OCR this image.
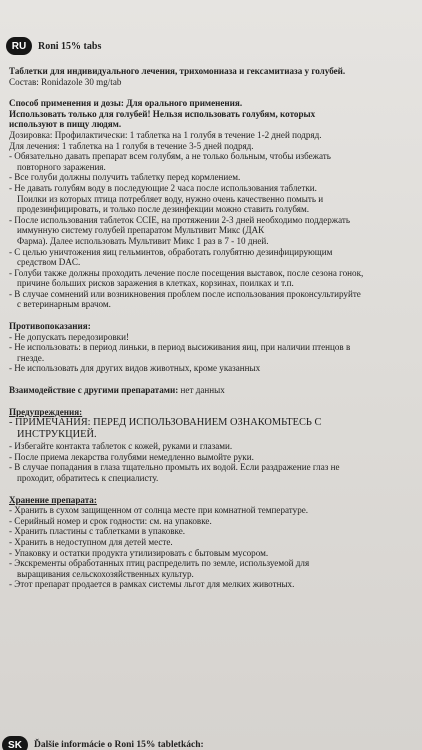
RU	Roni 15% tabs
Таблетки для индивидуального лечения, трихомониаза и гексамитиаза у голубей.
Состав: Ronidazole 30 mg/tab
Способ применения и дозы: Для орального применения.
Использовать только для голубей! Нельзя использовать голубям, которых
используют в пищу людям.
Дозировка: Профилактически: 1 таблетка на 1 голубя в течение 1-2 дней подряд.
Для лечения: 1 таблетка на 1 голубя в течение 3-5 дней подряд.
- Обязательно давать препарат всем голубям, а не только больным, чтобы избежать
повторного заражения.
- Все голуби должны получить таблетку перед кормлением.
- Не давать голубям воду в последующие 2 часа после использования таблетки.
Поилки из которых птица потребляет воду, нужно очень качественно помыть и
продезинфицировать, и только после дезинфекции можно ставить голубям.
- После использования таблеток CCIE, на протяжении 2-3 дней необходимо поддержать
иммунную систему голубей препаратом Мультивит Микс (ДАК
Фарма). Далее использовать Мультивит Микс 1 раз в 7 - 10 дней.
- С целью уничтожения яиц гельминтов, обработать голубятню дезинфицирующим
средством DAC.
- Голуби также должны проходить лечение после посещения выставок, после сезона гонок,
причине больших рисков заражения в клетках, корзинах, поилках и т.п.
- В случае сомнений или возникновения проблем после использования проконсультируйте
с ветеринарным врачом.
Противопоказания:
- Не допускать передозировки!
- Не использовать: в период линьки, в период высиживания яиц, при наличии птенцов в
гнезде.
- Не использовать для других видов животных, кроме указанных
Взаимодействие с другими препаратами: нет данных
Предупреждения:
- ПРИМЕЧАНИЯ: ПЕРЕД ИСПОЛЬЗОВАНИЕМ ОЗНАКОМЬТЕСЬ С
ИНСТРУКЦИЕЙ.
- Избегайте контакта таблеток с кожей, руками и глазами.
- После приема лекарства голубями немедленно вымойте руки.
- В случае попадания в глаза тщательно промыть их водой. Если раздражение глаз не
проходит, обратитесь к специалисту.
Хранение препарата:
- Хранить в сухом защищенном от солнца месте при комнатной температуре.
- Серийный номер и срок годности: см. на упаковке.
- Хранить пластины с таблетками в упаковке.
- Хранить в недоступном для детей месте.
- Упаковку и остатки продукта утилизировать с бытовым мусором.
- Экскременты обработанных птиц распределить по земле, используемой для
выращивания сельскохозяйственных культур.
- Этот препарат продается в рамках системы льгот для мелких животных.
SK	Ďalšie informácie o Roni 15% tabletkách:
